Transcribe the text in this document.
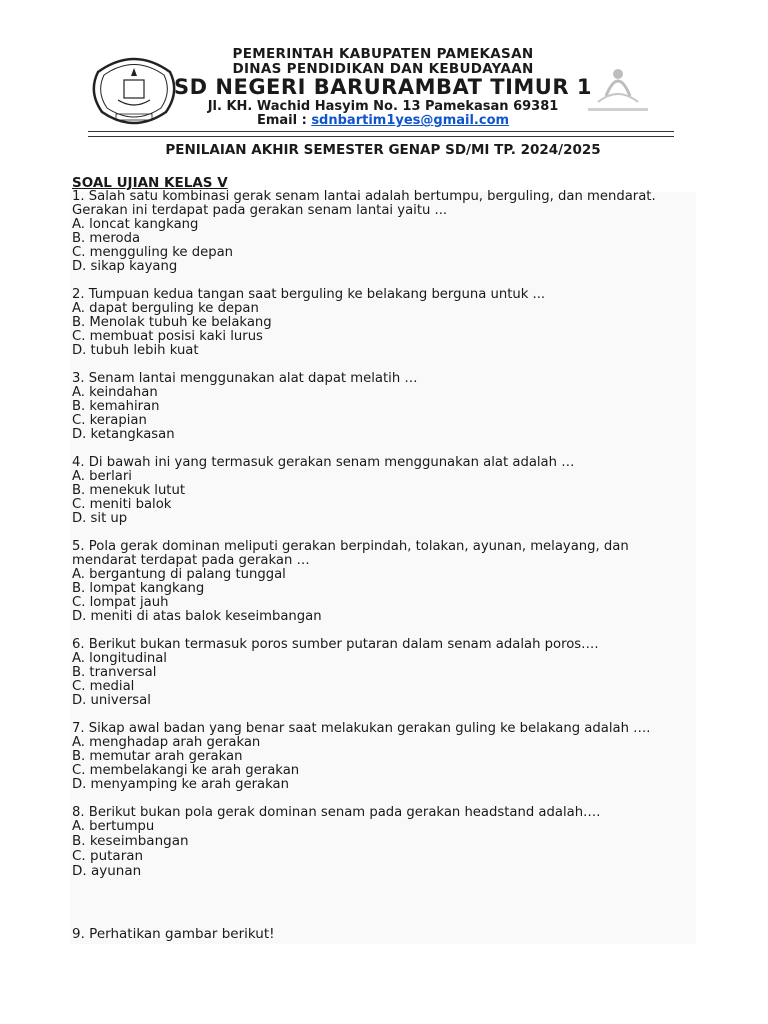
PEMERINTAH KABUPATEN PAMEKASAN
DINAS PENDIDIKAN DAN KEBUDAYAAN
SD NEGERI BARURAMBAT TIMUR 1
Jl. KH. Wachid Hasyim No. 13 Pamekasan 69381
Email : sdnbartim1yes@gmail.com
PENILAIAN AKHIR SEMESTER GENAP SD/MI TP. 2024/2025
SOAL UJIAN KELAS V
1. Salah satu kombinasi gerak senam lantai adalah bertumpu, berguling, dan mendarat. Gerakan ini terdapat pada gerakan senam lantai yaitu ...
A. loncat kangkang
B. meroda
C. mengguling ke depan
D. sikap kayang
2. Tumpuan kedua tangan saat berguling ke belakang berguna untuk ...
A. dapat berguling ke depan
B. Menolak tubuh ke belakang
C. membuat posisi kaki lurus
D. tubuh lebih kuat
3. Senam lantai menggunakan alat dapat melatih …
A. keindahan
B. kemahiran
C. kerapian
D. ketangkasan
4. Di bawah ini yang termasuk gerakan senam menggunakan alat adalah …
A. berlari
B. menekuk lutut
C. meniti balok
D. sit up
5. Pola gerak dominan meliputi gerakan berpindah, tolakan, ayunan, melayang, dan mendarat terdapat pada gerakan …
A. bergantung di palang tunggal
B. lompat kangkang
C. lompat jauh
D. meniti di atas balok keseimbangan
6. Berikut bukan termasuk poros sumber putaran dalam senam adalah poros….
A. longitudinal
B. tranversal
C. medial
D. universal
7. Sikap awal badan yang benar saat melakukan gerakan guling ke belakang adalah ….
A. menghadap arah gerakan
B. memutar arah gerakan
C. membelakangi ke arah gerakan
D. menyamping ke arah gerakan
8. Berikut bukan pola gerak dominan senam pada gerakan headstand adalah….
A. bertumpu
B. keseimbangan
C. putaran
D. ayunan
9. Perhatikan gambar berikut!
